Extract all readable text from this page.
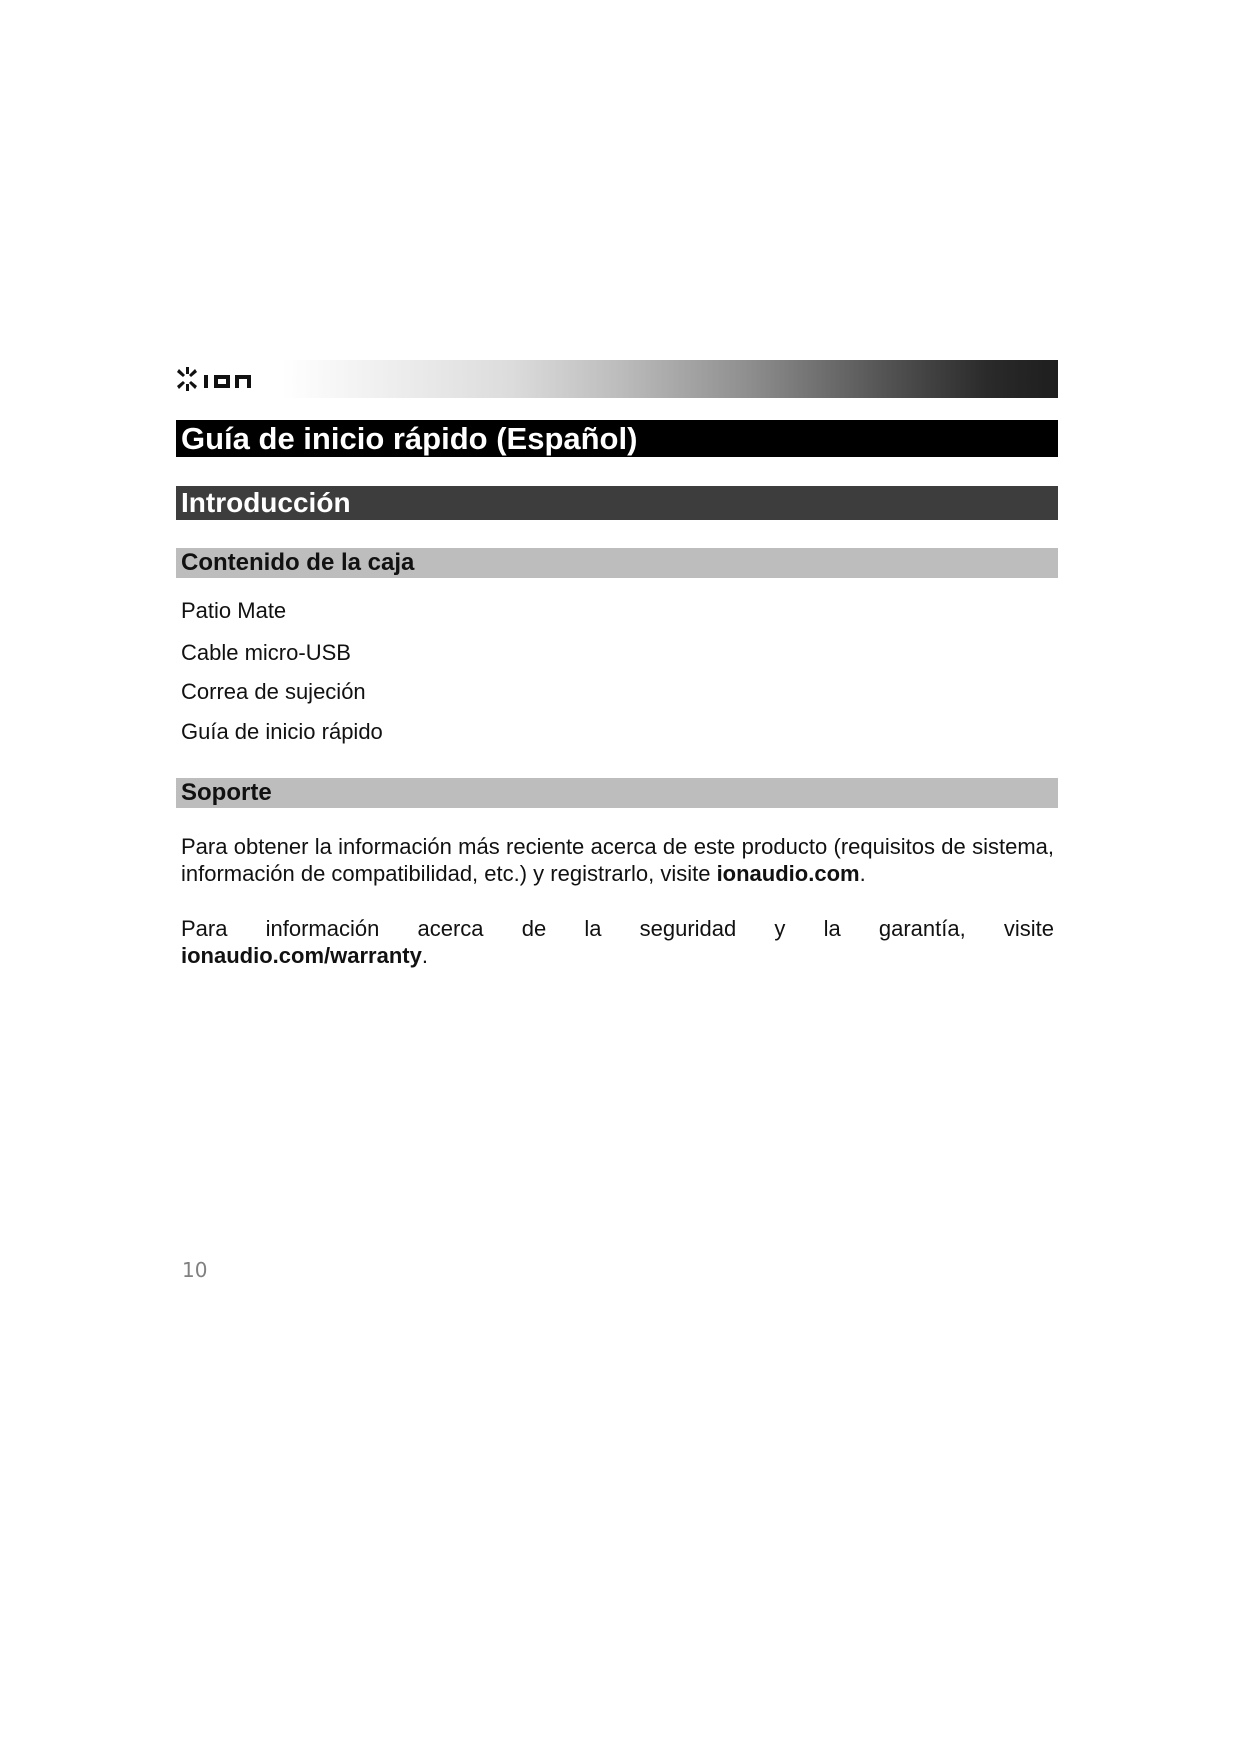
Guía de inicio rápido (Español)
Introducción
Contenido de la caja
Patio Mate
Cable micro-USB
Correa de sujeción
Guía de inicio rápido
Soporte

Para obtener la información más reciente acerca de este producto (requisitos de sistema, información de compatibilidad, etc.) y registrarlo, visite ionaudio.com.

Para información acerca de la seguridad y la garantía, visite
ionaudio.com/warranty.

10
